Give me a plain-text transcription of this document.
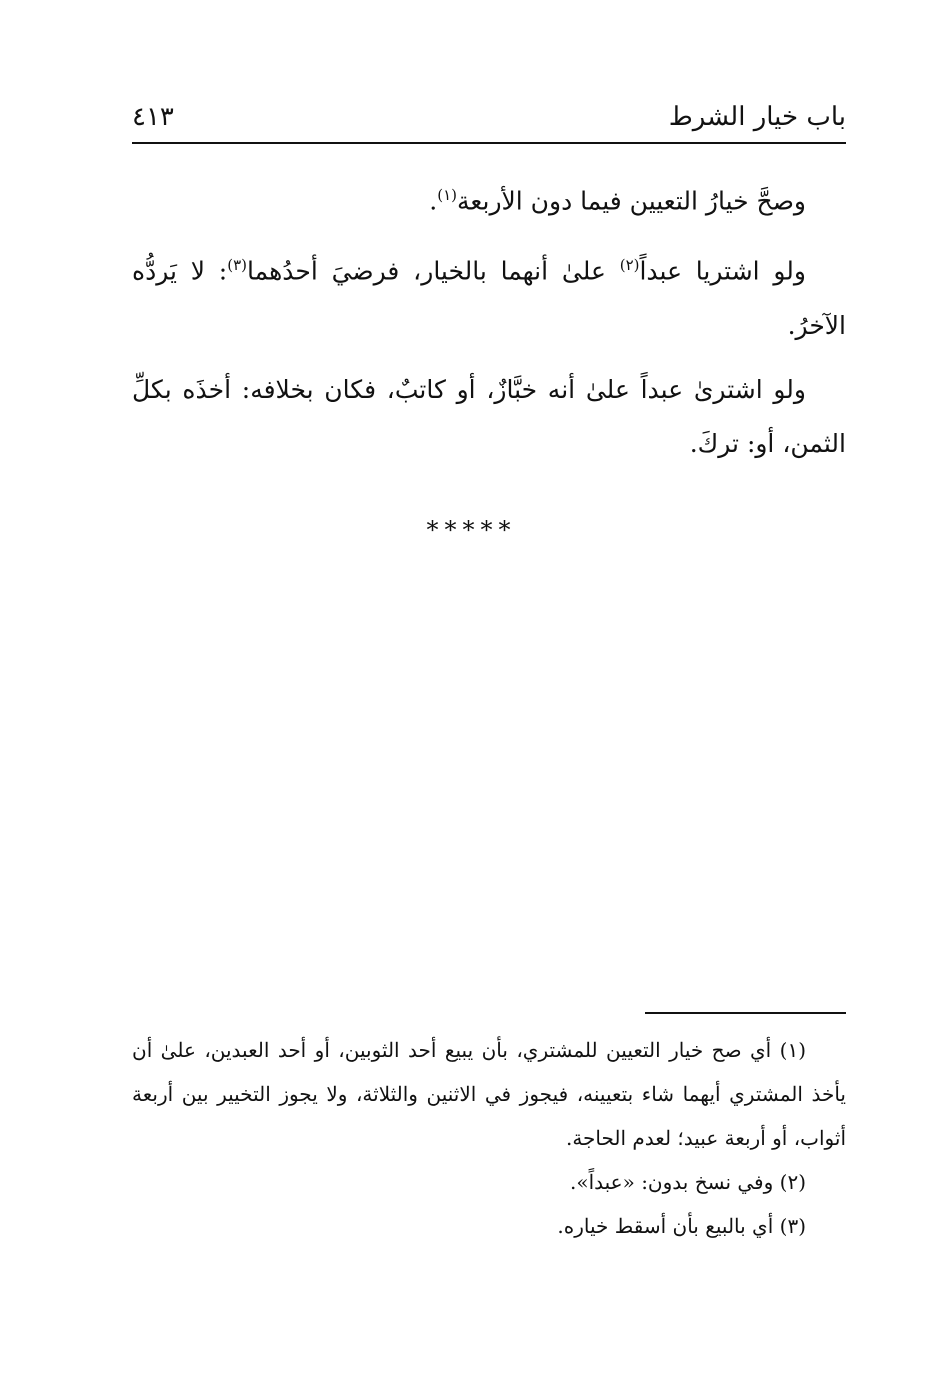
باب خيار الشرط
٤١٣

وصحَّ خيارُ التعيين فيما دون الأربعة$^{(١)}$.

ولو اشتريا عبداً$^{(٢)}$ علىٰ أنهما بالخيار، فرضيَ أحدُهما$^{(٣)}$: لا يَردُّه الآخرُ.

ولو اشترىٰ عبداً علىٰ أنه خبَّازٌ، أو كاتبٌ، فكان بخلافه: أخذَه بكلِّ الثمن، أو: تركَ.

*****

(١) أي صح خيار التعيين للمشتري، بأن يبيع أحد الثوبين، أو أحد العبدين، علىٰ أن يأخذ المشتري أيهما شاء بتعيينه، فيجوز في الاثنين والثلاثة، ولا يجوز التخيير بين أربعة أثواب، أو أربعة عبيد؛ لعدم الحاجة.

(٢) وفي نسخ بدون: «عبداً».

(٣) أي بالبيع بأن أسقط خياره.
